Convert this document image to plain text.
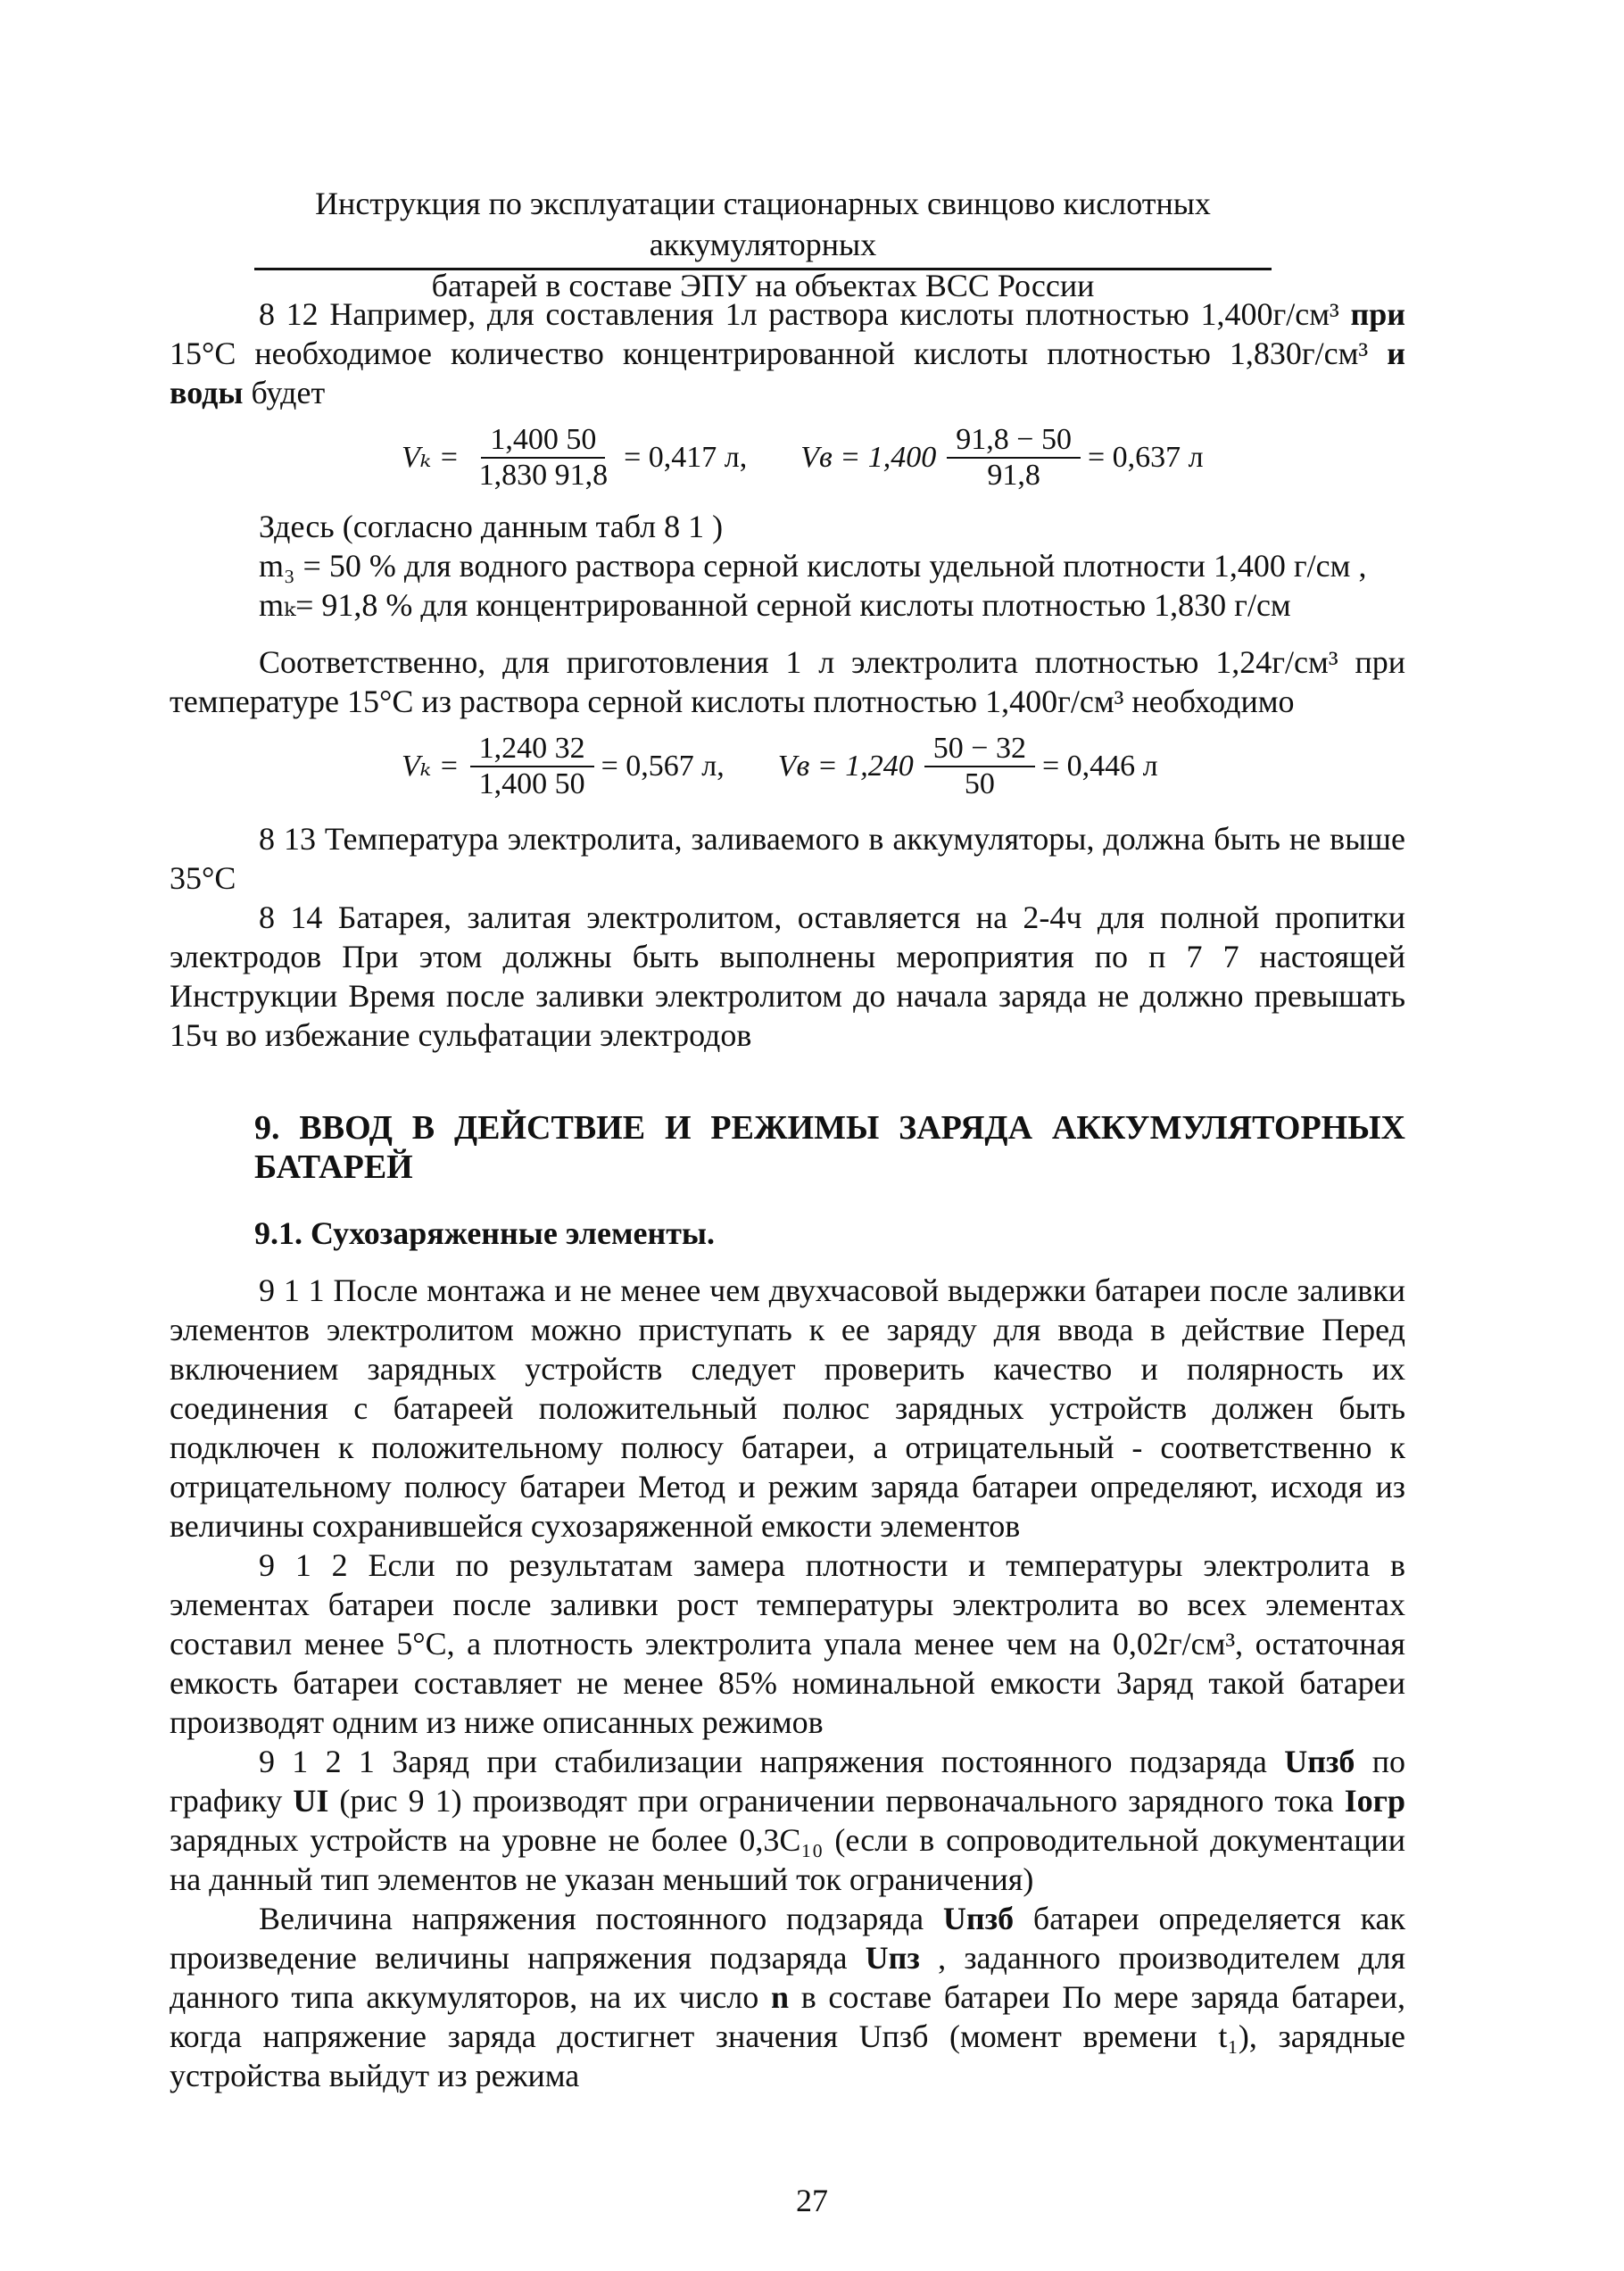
Инструкция по эксплуатации стационарных свинцово кислотных аккумуляторных
батарей в составе ЭПУ на объектах ВСС России

8 12 Например, для составления 1л раствора кислоты плотностью 1,400г/см³ при 15°С необходимое количество концентрированной кислоты плотностью 1,830г/см³ и воды будет

$V_k = \frac{1,400 50}{1,830 91,8} = 0,417$ л, Vв = $1,400 \frac{91,8 - 50}{91,8} = 0,637$ л

Здесь (согласно данным табл 8 1 )

m₃ = 50 % для водного раствора серной кислоты удельной плотности 1,400 г/см ,

mₖ= 91,8 % для концентрированной серной кислоты плотностью 1,830 г/см

Соответственно, для приготовления 1 л электролита плотностью 1,24г/см³ при температуре 15°С из раствора серной кислоты плотностью 1,400г/см³ необходимо

$V_k = \frac{1,240 32}{1,400 50} = 0,567$ л, Vв = $1,240 \frac{50 - 32}{50} = 0,446$ л

8 13 Температура электролита, заливаемого в аккумуляторы, должна быть не выше 35°С

8 14 Батарея, залитая электролитом, оставляется на 2-4ч для полной пропитки электродов При этом должны быть выполнены мероприятия по п 7 7 настоящей Инструкции Время после заливки электролитом до начала заряда не должно превышать 15ч во избежание сульфатации электродов

9. ВВОД В ДЕЙСТВИЕ И РЕЖИМЫ ЗАРЯДА АККУМУЛЯТОРНЫХ БАТАРЕЙ
9.1. Сухозаряженные элементы.

9 1 1 После монтажа и не менее чем двухчасовой выдержки батареи после заливки элементов электролитом можно приступать к ее заряду для ввода в действие Перед включением зарядных устройств следует проверить качество и полярность их соединения с батареей положительный полюс зарядных устройств должен быть подключен к положительному полюсу батареи, а отрицательный - соответственно к отрицательному полюсу батареи Метод и режим заряда батареи определяют, исходя из величины сохранившейся сухозаряженной емкости элементов

9 1 2 Если по результатам замера плотности и температуры электролита в элементах батареи после заливки рост температуры электролита во всех элементах составил менее 5°С, а плотность электролита упала менее чем на 0,02г/см³, остаточная емкость батареи составляет не менее 85% номинальной емкости Заряд такой батареи производят одним из ниже описанных режимов

9 1 2 1 Заряд при стабилизации напряжения постоянного подзаряда Uпзб по графику UI (рис 9 1) производят при ограничении первоначального зарядного тока Iогр зарядных устройств на уровне не более 0,3C₁₀ (если в сопроводительной документации на данный тип элементов не указан меньший ток ограничения)

Величина напряжения постоянного подзаряда Uпзб батареи определяется как произведение величины напряжения подзаряда Uпз , заданного производителем для данного типа аккумуляторов, на их число n в составе батареи По мере заряда батареи, когда напряжение заряда достигнет значения Uпзб (момент времени t₁), зарядные устройства выйдут из режима

27
